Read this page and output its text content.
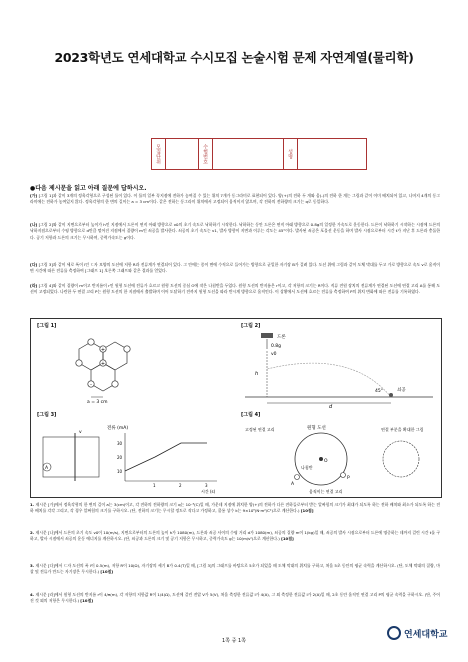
2023학년도 연세대학교 수시모집 논술시험 문제 자연계열(물리학)
모집단위	수험번호	성명
●다음 제시문을 읽고 아래 질문에 답하시오.
[가] [그림 1]과 같이 3개의 정육각형으로 구성된 틀이 있다. 이 틀의 일부 꼭지점에 전하가 놓여질 수 있는 위치 7개가 동그라미로 표현되어 있다. 양(+)의 전하 두 개와 음(-)의 전하 한 개는 그림과 같이 이미 배치되어 있고, 나머지 4개의 동그라미에는 전하가 놓여있지 않다. 정육각형의 한 변의 길이는 a = 3 cm이다. 같은 전하는 동그라미 위치에서 고정되어 움직이지 않으며, 각 전하의 전하량의 크기는 q로 동일하다.
[나] [그림 2]와 같이 지면으로부터 높이가 h인 지점에서 드론이 연직 아래 방향으로 v0의 초기 속도로 낙하하기 시작한다. 낙하하는 동안 드론은 연직 아래 방향으로 0.8g의 일정한 가속도로 운동한다. 드론이 낙하하기 시작하는 시점에 드론의 낙하지점으로부터 수평 방향으로 d만큼 떨어진 지점에서 질량이 m인 쇠공을 발사한다. 쇠공의 초기 속도는 v1, 발사 방향이 지면과 이루는 각도는 45°이다. 발사된 쇠공은 포물선 운동을 하며 발사 시점으로부터 시간 t가 지난 후 드론과 충돌한다. 공기 저항과 드론의 크기는 무시하며, 중력가속도는 g이다.
[다] [그림 3]과 같이 세로 폭이 l인 ㄷ자 모양의 도선에 저항 R과 전류계가 연결되어 있다. 그 안에는 종이 면에 수직으로 들어가는 방향으로 균일한 자기장 B가 걸려 있다. 도선 위에 그림과 같이 도체 막대를 두고 가로 방향으로 속도 v로 움직이면 시간에 따른 전류를 측정하여 [그래프 1] 오른쪽 그래프와 같은 결과를 얻었다.
[라] [그림 4]와 같이 질량이 m이고 반지름이 r인 원형 도선에 전류가 흐르고 원형 도선의 중심 O에 작은 나침반을 두었다. 원형 도선의 반지름은 r이고, 각 저항의 크기는 R이다. 직류 전원 장치의 전류계가 연결된 도선에 연결 고리 A를 통해 도선이 고정되었다. 나란한 두 연결 고리 P는 원형 도선의 한 지점에서 출발하며 이어 도달하기 전까지 원형 도선을 따라 반시계 방향으로 움직인다. 이 상황에서 도선에 흐르는 전류를 측정하여 P의 위치 변화에 따른 전류를 기록하였다.
[그림 1]
+
+
-
a = 3 cm
[그림 2]
드론
0.8g
v0
h
d
쇠공
45°
[그림 3]
A
v
전류 (mA)
30
20
10
1	2	3
시간 (s)
[그림 4]
원형 도선
고정된 연결 고리
O
나침반
A
P
움직이는 연결 고리
연결 부분을 확대한 그림
1. 제시문 [가]에서 정육각형의 한 변의 길이 a는 3(cm)이고, 각 전하의 전하량의 크기 q는 10⁻⁶(C)일 때, 가운데 지점에 위치한 양(+)의 전하가 다른 전하들로부터 받는 알짜힘의 크기가 최대가 되도록 하는 전하 배치와 최소가 되도록 하는 전하 배치를 각각 그리고, 각 경우 알짜힘의 크기를 구하시오. (단, 전하의 크기는 무시할 정도로 작다고 가정하고, 쿨롱 상수 k는 9×10⁹(N·m²/C²)으로 계산한다.) [10점]
2. 제시문 [나]에서 드론의 초기 속도 v0이 10(m/s), 지면으로부터의 드론의 높이 h가 1080(m), 드론과 쇠공 사이의 수평 거리 d가 1080(m), 쇠공의 질량 m이 1(kg)일 때, 쇠공의 발사 시점으로부터 드론에 명중하는 데까지 걸린 시간 t를 구하고, 발사 시점에서 쇠공의 운동 에너지를 계산하시오. (단, 쇠공과 드론의 크기 및 공기 저항은 무시하고, 중력가속도 g는 10(m/s²)으로 계산한다.) [10점]
3. 제시문 [다]에서 ㄷ자 도선의 폭 l이 0.5(m), 저항 R이 10(Ω), 자기장의 세기 B가 0.4(T)일 때, [그림 3]의 그래프를 바탕으로 5초가 되었을 때 도체 막대의 위치를 구하고, 처음 5초 동안의 평균 속력을 계산하시오. (단, 도체 막대의 질량, 마찰 및 전류가 만드는 자기장은 무시한다.) [10점]
4. 제시문 [라]에서 원형 도선의 반지름 r이 4/π(m), 각 저항의 저항값 R이 1/4(Ω), 도선에 걸린 전압 V가 5(V), 처음 측정한 전류값 I가 4(A), 그 외 측정한 전류값 I가 2(A)일 때, 2초 동안 움직인 연결 고리 P의 평균 속력을 구하시오. (단, 주어진 것 외의 저항은 무시한다.) [10점]
1쪽 중 1쪽
연세대학교
